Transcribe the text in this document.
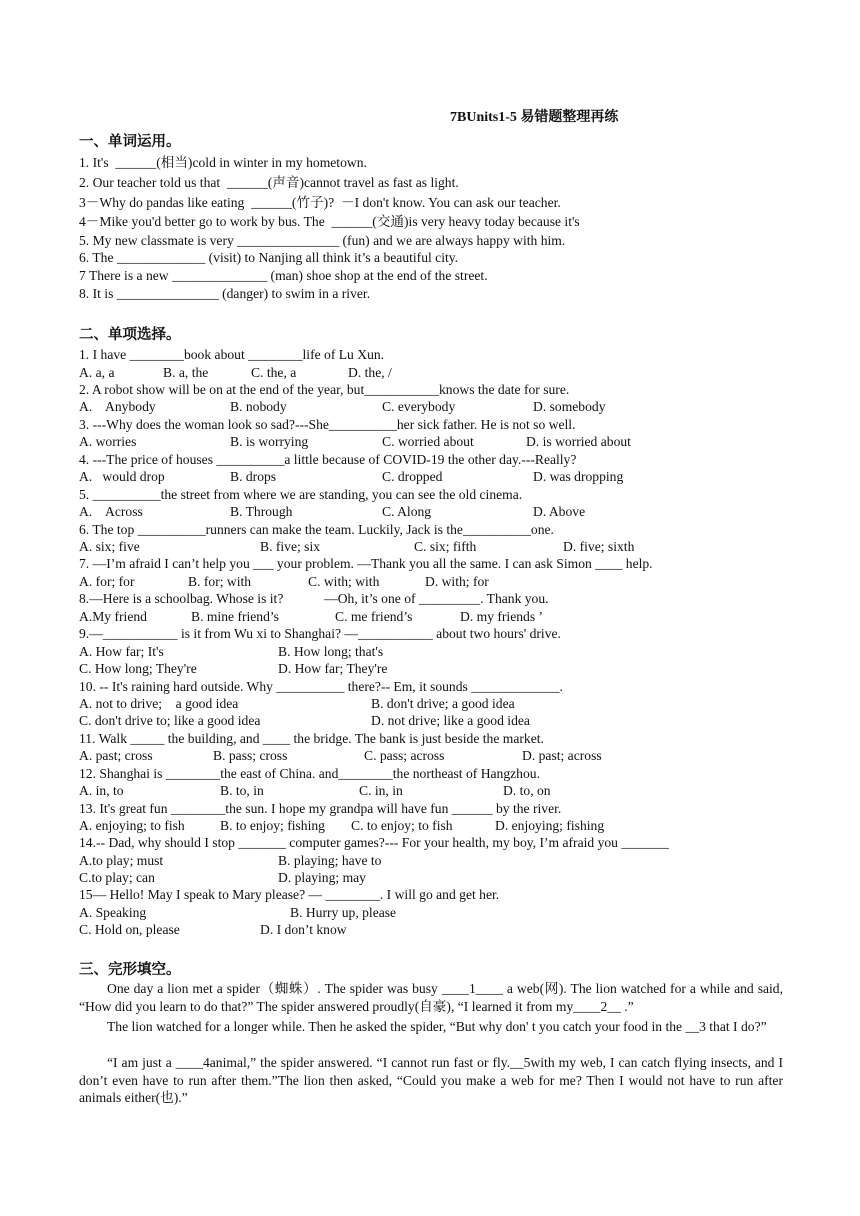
7BUnits1-5 易错题整理再练
一、单词运用。
1. It's  ______(相当)cold in winter in my hometown.
2. Our teacher told us that  ______(声音)cannot travel as fast as light.
3－Why do pandas like eating  ______(竹子)?  －I don't know. You can ask our teacher.
4－Mike you'd better go to work by bus. The  ______(交通)is very heavy today because it's
5. My new classmate is very _______________ (fun) and we are always happy with him.
6. The _____________ (visit) to Nanjing all think it’s a beautiful city.
7 There is a new ______________ (man) shoe shop at the end of the street.
8. It is _______________ (danger) to swim in a river.
二、单项选择。
1. I have ________book about ________life of Lu Xun.
A. a, a	B. a, the	C. the, a	D. the, /
2. A robot show will be on at the end of the year, but___________knows the date for sure.
A.    Anybody	B. nobody	C. everybody	D. somebody
3. ---Why does the woman look so sad?---She__________her sick father. He is not so well.
A. worries	B. is worrying	C. worried about	D. is worried about
4. ---The price of houses __________a little because of COVID-19 the other day.---Really?
A.   would drop	B. drops	C. dropped	D. was dropping
5. __________the street from where we are standing, you can see the old cinema.
A.    Across	B. Through	C. Along	D. Above
6. The top __________runners can make the team. Luckily, Jack is the__________one.
A. six; five	B. five; six	C. six; fifth	D. five; sixth
7. —I’m afraid I can’t help you ___ your problem. —Thank you all the same. I can ask Simon ____ help.
A. for; for	B. for; with	C. with; with	D. with; for
8.—Here is a schoolbag. Whose is it?            —Oh, it’s one of _________. Thank you.
A.My friend	B. mine friend’s	C. me friend’s	D. my friends ’
9.—___________ is it from Wu xi to Shanghai? —___________ about two hours' drive.
A. How far; It's	B. How long; that's
C. How long; They're	D. How far; They're
10. -- It's raining hard outside. Why __________ there?-- Em, it sounds _____________.
A. not to drive;    a good idea	B. don't drive; a good idea
C. don't drive to; like a good idea	D. not drive; like a good idea
11. Walk _____ the building, and ____ the bridge. The bank is just beside the market.
A. past; cross	B. pass; cross	C. pass; across	D. past; across
12. Shanghai is ________the east of China. and________the northeast of Hangzhou.
A. in, to	B. to, in	C. in, in	D. to, on
13. It's great fun ________the sun. I hope my grandpa will have fun ______ by the river.
A. enjoying; to fish	B. to enjoy; fishing C. to enjoy; to fish	D. enjoying; fishing
14.-- Dad, why should I stop _______ computer games?--- For your health, my boy, I’m afraid you _______
A.to play; must	B. playing; have to
C.to play; can	D. playing; may
15— Hello! May I speak to Mary please? — ________. I will go and get her.
A. Speaking	B. Hurry up, please
C. Hold on, please	D. I don’t know
三、完形填空。
One day a lion met a spider（蜘蛛）. The spider was busy ____1____ a web(网). The lion watched for a while and said, “How did you learn to do that?” The spider answered proudly(自豪), “I learned it from my____2__ .”
The lion watched for a longer while. Then he asked the spider, “But why don' t you catch your food in the __3 that I do?”
“I am just a ____4animal,” the spider answered. “I cannot run fast or fly.__5with my web, I can catch flying insects, and I don’t even have to run after them.”The lion then asked, “Could you make a web for me? Then I would not have to run after animals either(也).”
